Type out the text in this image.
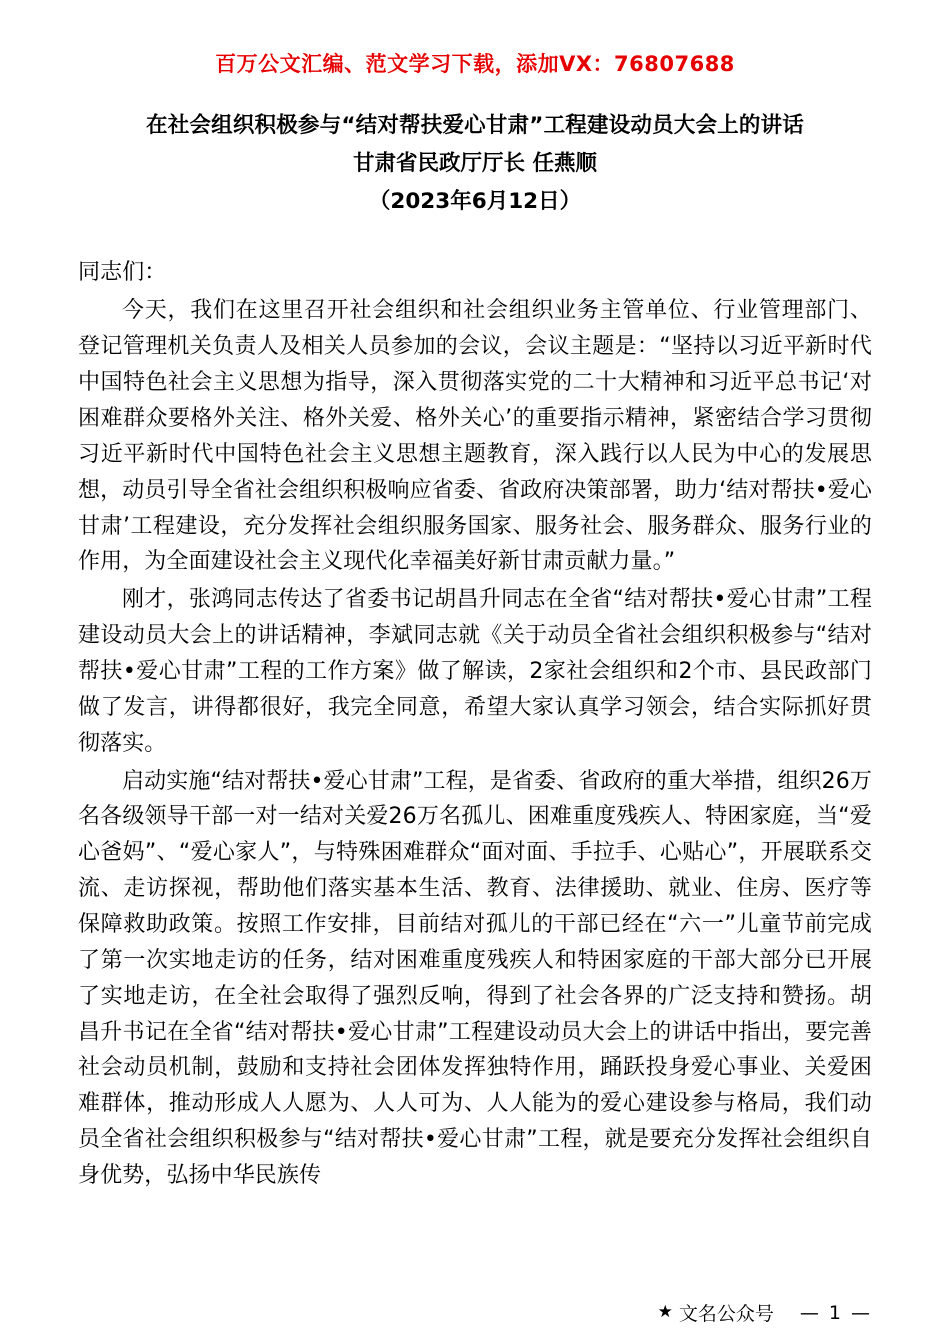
百万公文汇编、范文学习下载，添加VX：76807688
在社会组织积极参与“结对帮扶爱心甘肃”工程建设动员大会上的讲话
甘肃省民政厅厅长 任燕顺
（2023年6月12日）

同志们：

今天，我们在这里召开社会组织和社会组织业务主管单位、行业管理部门、登记管理机关负责人及相关人员参加的会议，会议主题是：“坚持以习近平新时代中国特色社会主义思想为指导，深入贯彻落实党的二十大精神和习近平总书记‘对困难群众要格外关注、格外关爱、格外关心’的重要指示精神，紧密结合学习贯彻习近平新时代中国特色社会主义思想主题教育，深入践行以人民为中心的发展思想，动员引导全省社会组织积极响应省委、省政府决策部署，助力‘结对帮扶•爱心甘肃’工程建设，充分发挥社会组织服务国家、服务社会、服务群众、服务行业的作用，为全面建设社会主义现代化幸福美好新甘肃贡献力量。”

刚才，张鸿同志传达了省委书记胡昌升同志在全省“结对帮扶•爱心甘肃”工程建设动员大会上的讲话精神，李斌同志就《关于动员全省社会组织积极参与“结对帮扶•爱心甘肃”工程的工作方案》做了解读，2家社会组织和2个市、县民政部门做了发言，讲得都很好，我完全同意，希望大家认真学习领会，结合实际抓好贯彻落实。

启动实施“结对帮扶•爱心甘肃”工程，是省委、省政府的重大举措，组织26万名各级领导干部一对一结对关爱26万名孤儿、困难重度残疾人、特困家庭，当“爱心爸妈”、“爱心家人”，与特殊困难群众“面对面、手拉手、心贴心”，开展联系交流、走访探视，帮助他们落实基本生活、教育、法律援助、就业、住房、医疗等保障救助政策。按照工作安排，目前结对孤儿的干部已经在“六一”儿童节前完成了第一次实地走访的任务，结对困难重度残疾人和特困家庭的干部大部分已开展了实地走访，在全社会取得了强烈反响，得到了社会各界的广泛支持和赞扬。胡昌升书记在全省“结对帮扶•爱心甘肃”工程建设动员大会上的讲话中指出，要完善社会动员机制，鼓励和支持社会团体发挥独特作用，踊跃投身爱心事业、关爱困难群体，推动形成人人愿为、人人可为、人人能为的爱心建设参与格局，我们动员全省社会组织积极参与“结对帮扶•爱心甘肃”工程，就是要充分发挥社会组织自身优势，弘扬中华民族传

★ 文名公众号 — 1 —
